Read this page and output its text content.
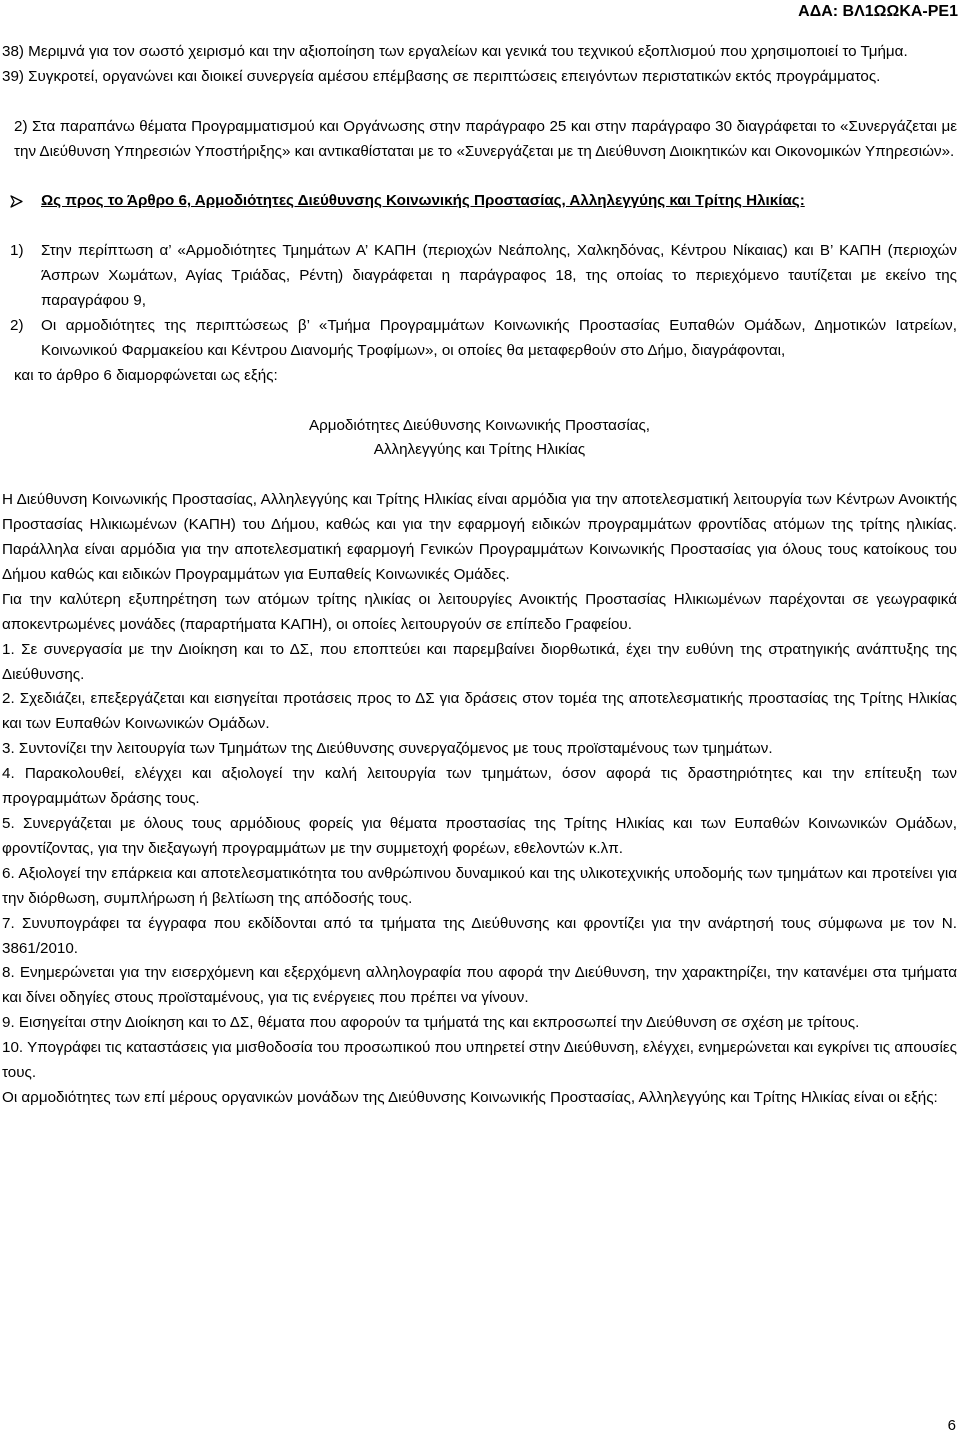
ΑΔΑ: ΒΛ1ΩΩΚΑ-ΡΕ1

38) Μεριμνά για τον σωστό χειρισμό και την αξιοποίηση των εργαλείων και γενικά του τεχνικού εξοπλισμού που χρησιμοποιεί το Τμήμα.

39) Συγκροτεί, οργανώνει και διοικεί συνεργεία αμέσου επέμβασης σε περιπτώσεις επειγόντων περιστατικών εκτός προγράμματος.

2) Στα παραπάνω θέματα Προγραμματισμού και Οργάνωσης στην παράγραφο 25 και στην παράγραφο 30 διαγράφεται το «Συνεργάζεται με την Διεύθυνση Υπηρεσιών Υποστήριξης» και αντικαθίσταται με το «Συνεργάζεται με τη Διεύθυνση Διοικητικών και Οικονομικών Υπηρεσιών».

Ως προς το Άρθρο 6, Αρμοδιότητες Διεύθυνσης Κοινωνικής Προστασίας, Αλληλεγγύης και Τρίτης Ηλικίας:
1)	Στην περίπτωση α’ «Αρμοδιότητες Τμημάτων Α’ ΚΑΠΗ (περιοχών Νεάπολης, Χαλκηδόνας, Κέντρου Νίκαιας) και Β’ ΚΑΠΗ (περιοχών Άσπρων Χωμάτων, Αγίας Τριάδας, Ρέντη) διαγράφεται η παράγραφος 18, της οποίας το περιεχόμενο ταυτίζεται με εκείνο της παραγράφου 9,
2)	Οι αρμοδιότητες της περιπτώσεως β’ «Τμήμα Προγραμμάτων Κοινωνικής Προστασίας Ευπαθών Ομάδων, Δημοτικών Ιατρείων, Κοινωνικού Φαρμακείου και Κέντρου Διανομής Τροφίμων», οι οποίες θα μεταφερθούν στο Δήμο, διαγράφονται,

και το άρθρο 6 διαμορφώνεται ως εξής:

Αρμοδιότητες Διεύθυνσης Κοινωνικής Προστασίας,

Αλληλεγγύης και Τρίτης Ηλικίας

Η Διεύθυνση Κοινωνικής Προστασίας, Αλληλεγγύης και Τρίτης Ηλικίας είναι αρμόδια για την αποτελεσματική λειτουργία των Κέντρων Ανοικτής Προστασίας Ηλικιωμένων (ΚΑΠΗ) του Δήμου, καθώς και για την εφαρμογή ειδικών προγραμμάτων φροντίδας ατόμων της τρίτης ηλικίας. Παράλληλα είναι αρμόδια για την αποτελεσματική εφαρμογή Γενικών Προγραμμάτων Κοινωνικής Προστασίας για όλους τους κατοίκους του Δήμου καθώς και ειδικών Προγραμμάτων για Ευπαθείς Κοινωνικές Ομάδες.

Για την καλύτερη εξυπηρέτηση των ατόμων τρίτης ηλικίας οι λειτουργίες Ανοικτής Προστασίας Ηλικιωμένων παρέχονται σε γεωγραφικά αποκεντρωμένες μονάδες (παραρτήματα ΚΑΠΗ), οι οποίες λειτουργούν σε επίπεδο Γραφείου.

1. Σε συνεργασία με την Διοίκηση και το ΔΣ, που εποπτεύει και παρεμβαίνει διορθωτικά, έχει την ευθύνη της στρατηγικής ανάπτυξης της Διεύθυνσης.

2. Σχεδιάζει, επεξεργάζεται και εισηγείται προτάσεις προς το ΔΣ για δράσεις στον τομέα της αποτελεσματικής προστασίας της Τρίτης Ηλικίας και των Ευπαθών Κοινωνικών Ομάδων.

3. Συντονίζει την λειτουργία των Τμημάτων της Διεύθυνσης συνεργαζόμενος με τους προϊσταμένους των τμημάτων.

4. Παρακολουθεί, ελέγχει και αξιολογεί την καλή λειτουργία των τμημάτων, όσον αφορά τις δραστηριότητες και την επίτευξη των προγραμμάτων δράσης τους.

5. Συνεργάζεται με όλους τους αρμόδιους φορείς για θέματα προστασίας της Τρίτης Ηλικίας και των Ευπαθών Κοινωνικών Ομάδων, φροντίζοντας, για την διεξαγωγή προγραμμάτων με την συμμετοχή φορέων, εθελοντών κ.λπ.

6. Αξιολογεί την επάρκεια και αποτελεσματικότητα του ανθρώπινου δυναμικού και της υλικοτεχνικής υποδομής των τμημάτων και προτείνει για την διόρθωση, συμπλήρωση ή βελτίωση της απόδοσής τους.

7. Συνυπογράφει τα έγγραφα που εκδίδονται από τα τμήματα της Διεύθυνσης και φροντίζει για την ανάρτησή τους σύμφωνα με τον Ν. 3861/2010.

8. Ενημερώνεται για την εισερχόμενη και εξερχόμενη αλληλογραφία που αφορά την Διεύθυνση, την χαρακτηρίζει, την κατανέμει στα τμήματα και δίνει οδηγίες στους προϊσταμένους, για τις ενέργειες που πρέπει να γίνουν.

9. Εισηγείται στην Διοίκηση και το ΔΣ, θέματα που αφορούν τα τμήματά της και εκπροσωπεί την Διεύθυνση σε σχέση με τρίτους.

10. Υπογράφει τις καταστάσεις για μισθοδοσία του προσωπικού που υπηρετεί στην Διεύθυνση, ελέγχει, ενημερώνεται και εγκρίνει τις απουσίες τους.

Οι αρμοδιότητες των επί μέρους οργανικών μονάδων της Διεύθυνσης Κοινωνικής Προστασίας, Αλληλεγγύης και Τρίτης Ηλικίας είναι οι εξής:

6
